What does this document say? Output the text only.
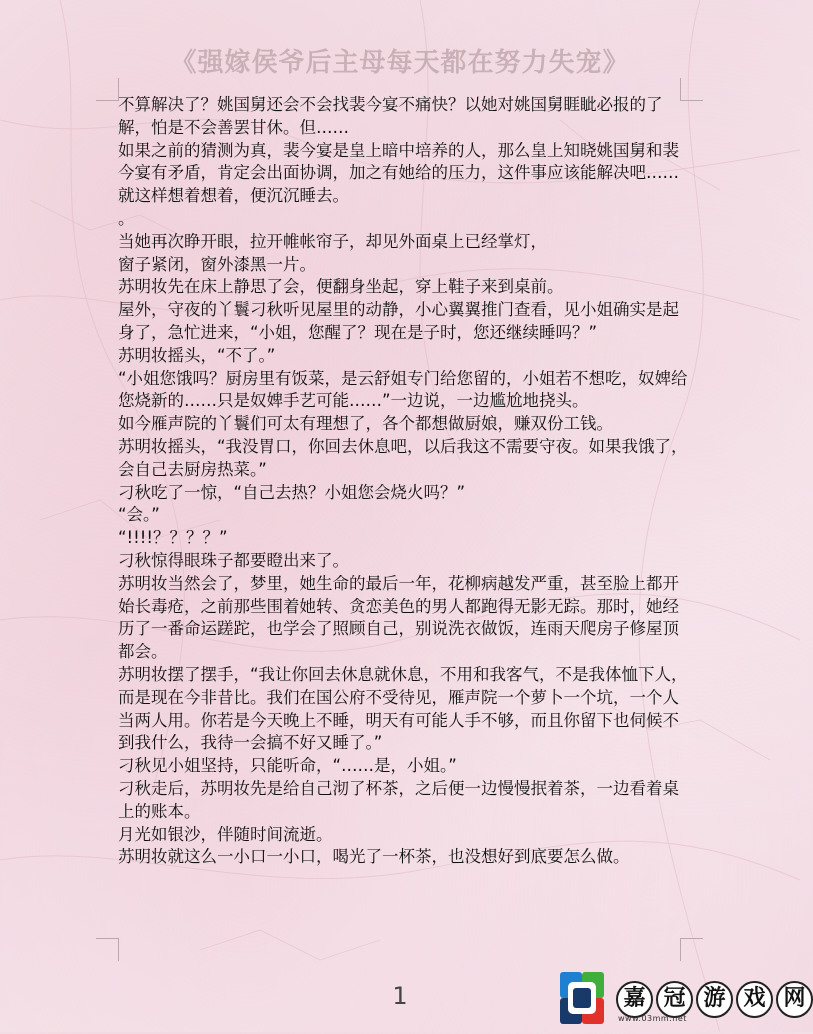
《强嫁侯爷后主母每天都在努力失宠》

不算解决了？姚国舅还会不会找裴今宴不痛快？以她对姚国舅睚眦必报的了解，怕是不会善罢甘休。但……

如果之前的猜测为真，裴今宴是皇上暗中培养的人，那么皇上知晓姚国舅和裴今宴有矛盾，肯定会出面协调，加之有她给的压力，这件事应该能解决吧……

就这样想着想着，便沉沉睡去。

。

当她再次睁开眼，拉开帷帐帘子，却见外面桌上已经掌灯，

窗子紧闭，窗外漆黑一片。

苏明妆先在床上静思了会，便翻身坐起，穿上鞋子来到桌前。

屋外，守夜的丫鬟刁秋听见屋里的动静，小心翼翼推门查看，见小姐确实是起身了，急忙进来，“小姐，您醒了？现在是子时，您还继续睡吗？”

苏明妆摇头，“不了。”

“小姐您饿吗？厨房里有饭菜，是云舒姐专门给您留的，小姐若不想吃，奴婢给您烧新的……只是奴婢手艺可能……”一边说，一边尴尬地挠头。

如今雁声院的丫鬟们可太有理想了，各个都想做厨娘，赚双份工钱。

苏明妆摇头，“我没胃口，你回去休息吧，以后我这不需要守夜。如果我饿了，会自己去厨房热菜。”

刁秋吃了一惊，“自己去热？小姐您会烧火吗？”

“会。”

“!!!!？？？？”

刁秋惊得眼珠子都要瞪出来了。

苏明妆当然会了，梦里，她生命的最后一年，花柳病越发严重，甚至脸上都开始长毒疮，之前那些围着她转、贪恋美色的男人都跑得无影无踪。那时，她经历了一番命运蹉跎，也学会了照顾自己，别说洗衣做饭，连雨天爬房子修屋顶都会。

苏明妆摆了摆手，“我让你回去休息就休息，不用和我客气，不是我体恤下人，而是现在今非昔比。我们在国公府不受待见，雁声院一个萝卜一个坑，一个人当两人用。你若是今天晚上不睡，明天有可能人手不够，而且你留下也伺候不到我什么，我待一会搞不好又睡了。”

刁秋见小姐坚持，只能听命，“……是，小姐。”

刁秋走后，苏明妆先是给自己沏了杯茶，之后便一边慢慢抿着茶，一边看着桌上的账本。

月光如银沙，伴随时间流逝。

苏明妆就这么一小口一小口，喝光了一杯茶，也没想好到底要怎么做。

1	嘉 冠 游 戏 网
www.03mm.net
